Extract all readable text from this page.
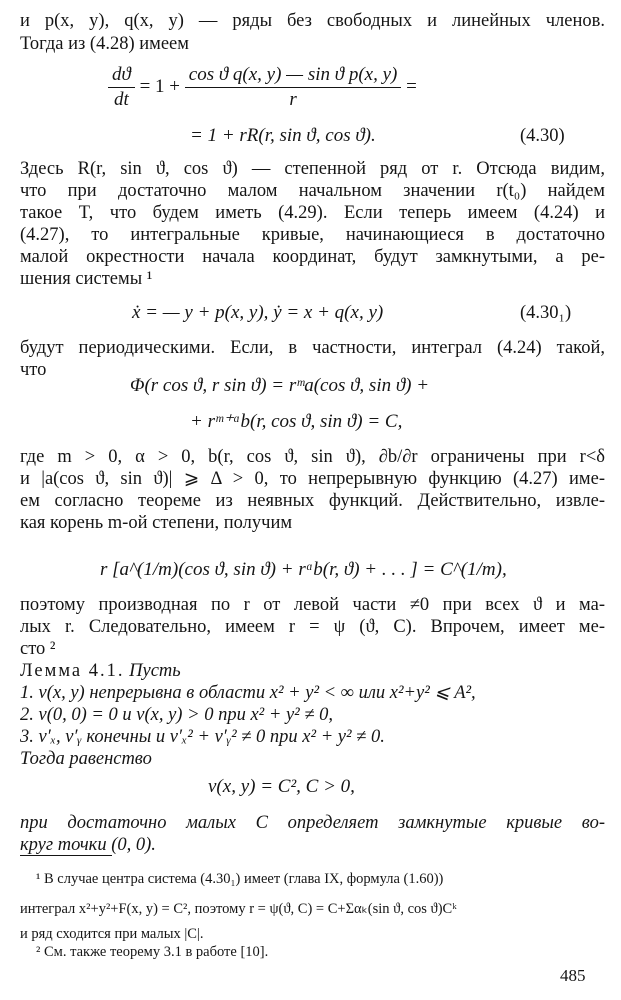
и p(x, y), q(x, y) — ряды без свободных и линейных членов.
Тогда из (4.28) имеем
$\frac{dϑ}{dt} = 1 + \frac{\text{cos ϑ q(x, y) — sin ϑ p(x, y)}}{r}$ =
= 1 + rR(r, sin ϑ, cos ϑ).	(4.30)
Здесь R(r, sin ϑ, cos ϑ) — степенной ряд от r. Отсюда видим,
что при достаточно малом начальном значении r(t₀) найдем
такое T, что будем иметь (4.29). Если теперь имеем (4.24) и
(4.27), то интегральные кривые, начинающиеся в достаточно
малой окрестности начала координат, будут замкнутыми, а ре-
шения системы ¹
ẋ = — y + p(x, y), ẏ = x + q(x, y)	(4.30₁)
будут периодическими. Если, в частности, интеграл (4.24) такой,
что
Φ(r cos ϑ, r sin ϑ) = rᵐa(cos ϑ, sin ϑ) +
+ rᵐ⁺ᵅb(r, cos ϑ, sin ϑ) = C,
где m > 0, α > 0, b(r, cos ϑ, sin ϑ), ∂b/∂r ограничены при r<δ
и |a(cos ϑ, sin ϑ)| ⩾ Δ > 0, то непрерывную функцию (4.27) име-
ем согласно теореме из неявных функций. Действительно, извле-
кая корень m-ой степени, получим
r [a^(1/m)(cos ϑ, sin ϑ) + rᵅb(r, ϑ) + . . . ] = C^(1/m),
поэтому производная по r от левой части ≠0 при всех ϑ и ма-
лых r. Следовательно, имеем r = ψ (ϑ, C). Впрочем, имеет ме-
сто ²
Лемма 4.1. Пусть
1. v(x, y) непрерывна в области x² + y² < ∞ или x²+y² ⩽ A²,
2. v(0, 0) = 0 и v(x, y) > 0 при x² + y² ≠ 0,
3. v′ₓ, v′ᵧ конечны и v′ₓ² + v′ᵧ² ≠ 0 при x² + y² ≠ 0.
Тогда равенство
v(x, y) = C², C > 0,
при достаточно малых C определяет замкнутые кривые во-
круг точки (0, 0).
¹ В случае центра система (4.30₁) имеет (глава IX, формула (1.60))
интеграл x²+y²+F(x, y) = C², поэтому r = ψ(ϑ, C) = C+Σαₖ(sin ϑ, cos ϑ)Cᵏ
и ряд сходится при малых |C|.
² См. также теорему 3.1 в работе [10].
485
